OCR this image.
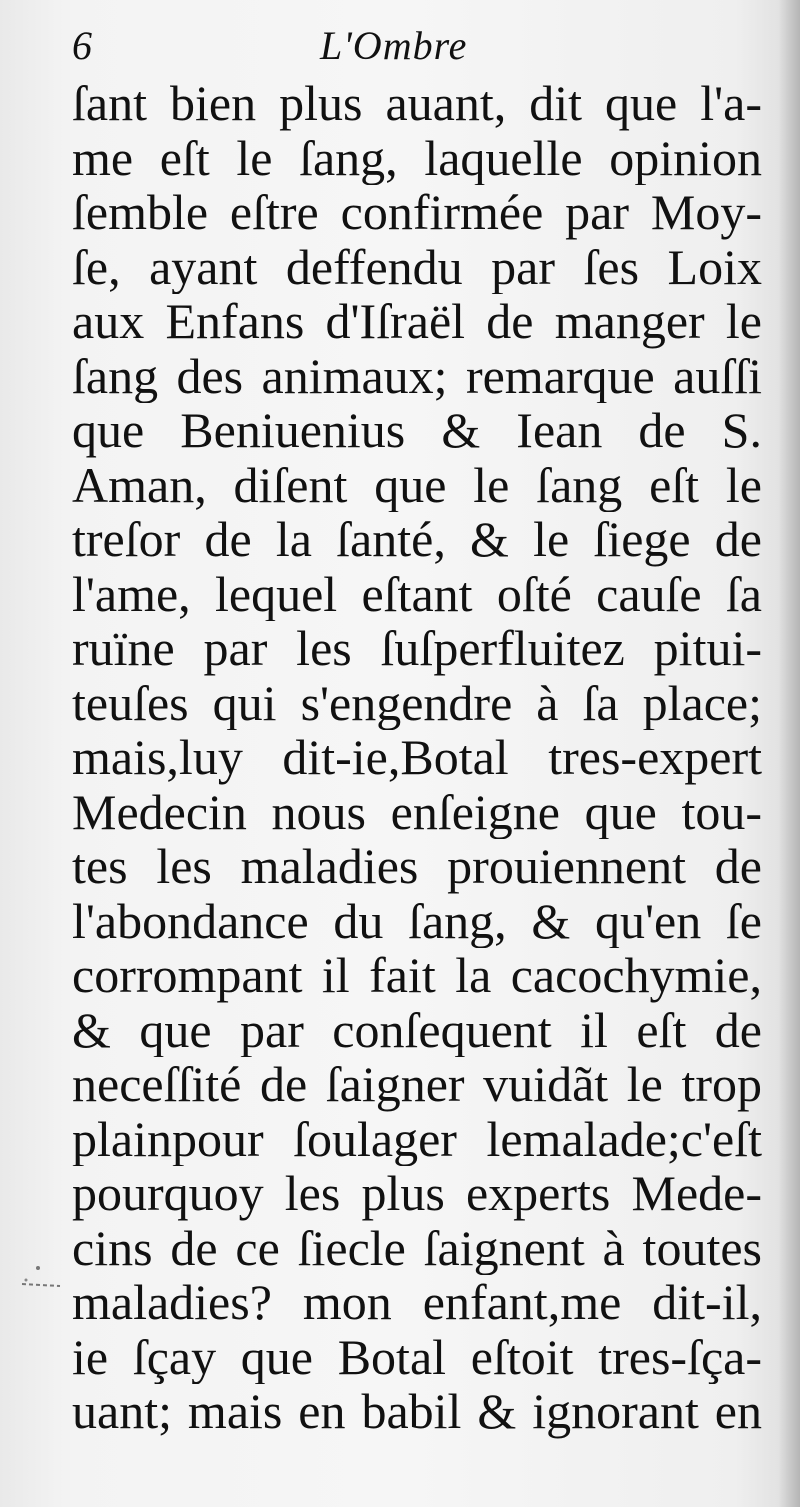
6	L'Ombre
ſant bien plus auant, dit que l'a-
me eſt le ſang, laquelle opinion
ſemble eſtre confirmée par Moy-
ſe, ayant deffendu par ſes Loix
aux Enfans d'Iſraël de manger le
ſang des animaux; remarque auſſi
que Beniuenius & Iean de S.
Aman, diſent que le ſang eſt le
treſor de la ſanté, & le ſiege de
l'ame, lequel eſtant oſté cauſe ſa
ruïne par les ſuſperfluitez pitui-
teuſes qui s'engendre à ſa place;
mais,luy dit-ie,Botal tres-expert
Medecin nous enſeigne que tou-
tes les maladies prouiennent de
l'abondance du ſang, & qu'en ſe
corrompant il fait la cacochymie,
& que par conſequent il eſt de
neceſſité de ſaigner vuidãt le trop
plainpour ſoulager lemalade;c'eſt
pourquoy les plus experts Mede-
cins de ce ſiecle ſaignent à toutes
maladies? mon enfant,me dit-il,
ie ſçay que Botal eſtoit tres-ſça-
uant; mais en babil & ignorant en
